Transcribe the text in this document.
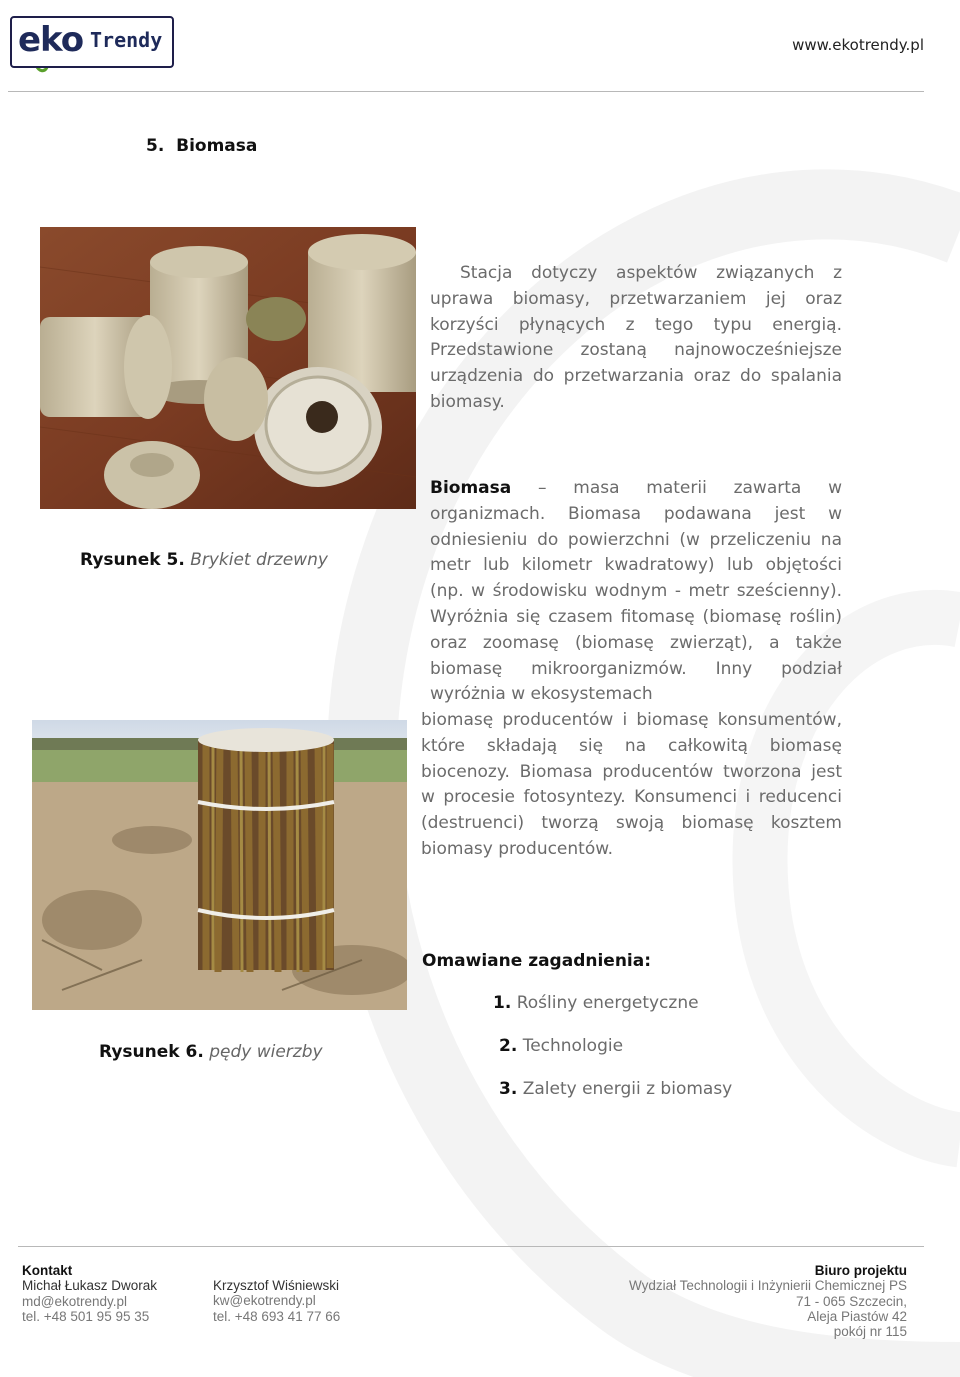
eko Trendy	www.ekotrendy.pl
5.  Biomasa
Rysunek 5. Brykiet drzewny
Stacja dotyczy aspektów związanych z uprawa biomasy, przetwarzaniem jej oraz korzyści płynących z tego typu energią. Przedstawione zostaną najnowocześniejsze urządzenia do przetwarzania oraz do spalania biomasy.
Biomasa – masa materii zawarta w organizmach. Biomasa podawana jest w odniesieniu do powierzchni (w przeliczeniu na metr lub kilometr kwadratowy) lub objętości (np. w środowisku wodnym - metr sześcienny). Wyróżnia się czasem fitomasę (biomasę roślin) oraz zoomasę (biomasę zwierząt), a także biomasę mikroorganizmów. Inny podział wyróżnia w ekosystemach
biomasę producentów i biomasę konsumentów, które składają się na całkowitą biomasę biocenozy. Biomasa producentów tworzona jest w procesie fotosyntezy. Konsumenci i reducenci (destruenci) tworzą swoją biomasę kosztem biomasy producentów.
Rysunek 6. pędy wierzby
Omawiane zagadnienia:
1. Rośliny energetyczne
2. Technologie
3. Zalety energii z biomasy
Kontakt
Michał Łukasz Dworak
md@ekotrendy.pl
tel. +48 501 95 95 35
Krzysztof Wiśniewski
kw@ekotrendy.pl
tel. +48 693 41 77 66
Biuro projektu
Wydział Technologii i Inżynierii Chemicznej PS
71 - 065 Szczecin,
Aleja Piastów 42
pokój nr 115
